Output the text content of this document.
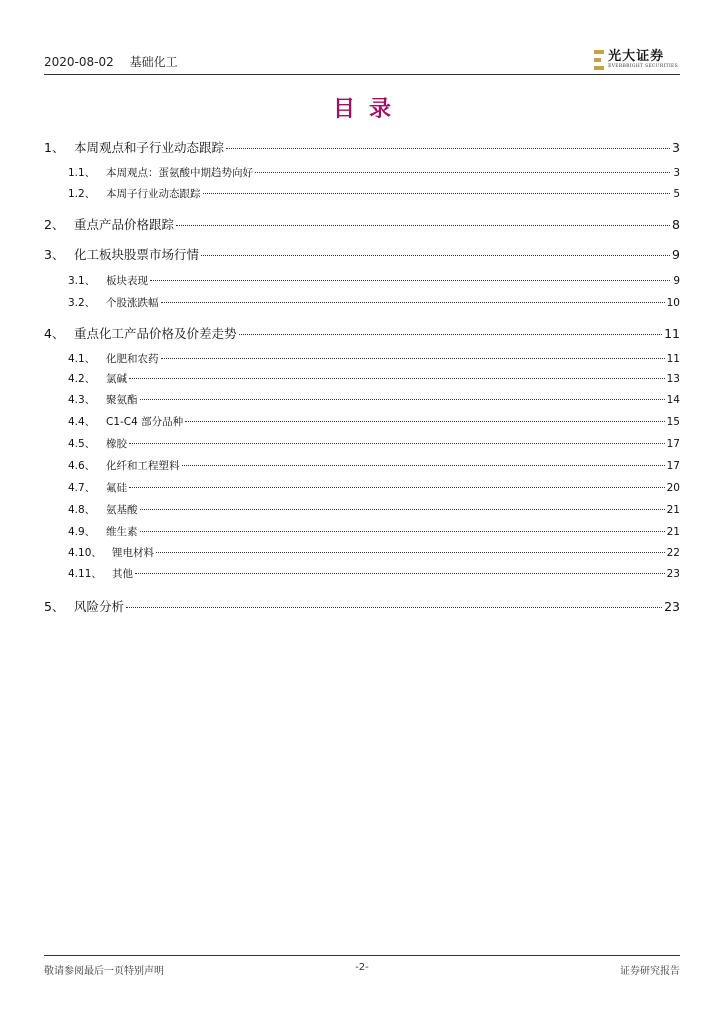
2020-08-02 基础化工	光大证券
EVERBRIGHT SECURITIES
目录
1、 本周观点和子行业动态跟踪	3
1.1、	本周观点：蛋氨酸中期趋势向好	3
1.2、	本周子行业动态跟踪	5
2、 重点产品价格跟踪	8
3、 化工板块股票市场行情	9
3.1、	板块表现	9
3.2、	个股涨跌幅	10
4、 重点化工产品价格及价差走势	11
4.1、	化肥和农药	11
4.2、	氯碱	13
4.3、	聚氨酯	14
4.4、	C1-C4 部分品种	15
4.5、	橡胶	17
4.6、	化纤和工程塑料	17
4.7、	氟硅	20
4.8、	氨基酸	21
4.9、	维生素	21
4.10、 锂电材料	22
4.11、 其他	23
5、 风险分析	23
敬请参阅最后一页特别声明	-2-	证券研究报告
